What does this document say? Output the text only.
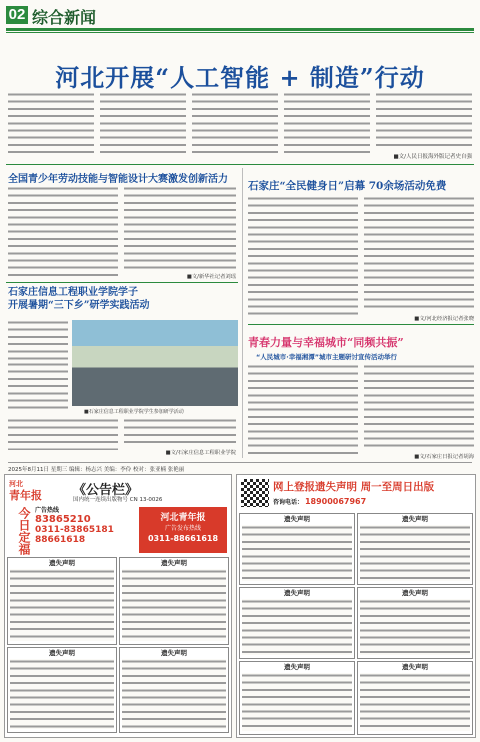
02 综合新闻
河北开展“人工智能 + 制造”行动
■文/人民日报海外版记者史自强
全国青少年劳动技能与智能设计大赛激发创新活力
■文/新华社记者刘瑶
石家庄“全民健身日”启幕 70余场活动免费
■文/河北经济报记者张晓
石家庄信息工程职业学院学子
开展暑期“三下乡”研学实践活动
■石家庄信息工程职业学院学生参加研学活动
■文/石家庄信息工程职业学院
青春力量与幸福城市“同频共振”
“人民城市·幸福湘潭”城市主题研讨宣传活动举行
■文/石家庄日报记者胡海
2025年8月11日 星期三 编辑：杨志兴 美编：李伶 校对：张亚楠 张艳丽
河北
青年报 《公告栏》
国内统一连续出版物号 CN 13-0026
今日定福 广告热线
83865210
0311-83865181
88661618
河北青年报
广告发布热线
0311-88661618
遗失声明	遗失声明
遗失声明	遗失声明
网上登报遗失声明 周一至周日出版
咨询电话： 18900067967
遗失声明	遗失声明
遗失声明	遗失声明
遗失声明	遗失声明
